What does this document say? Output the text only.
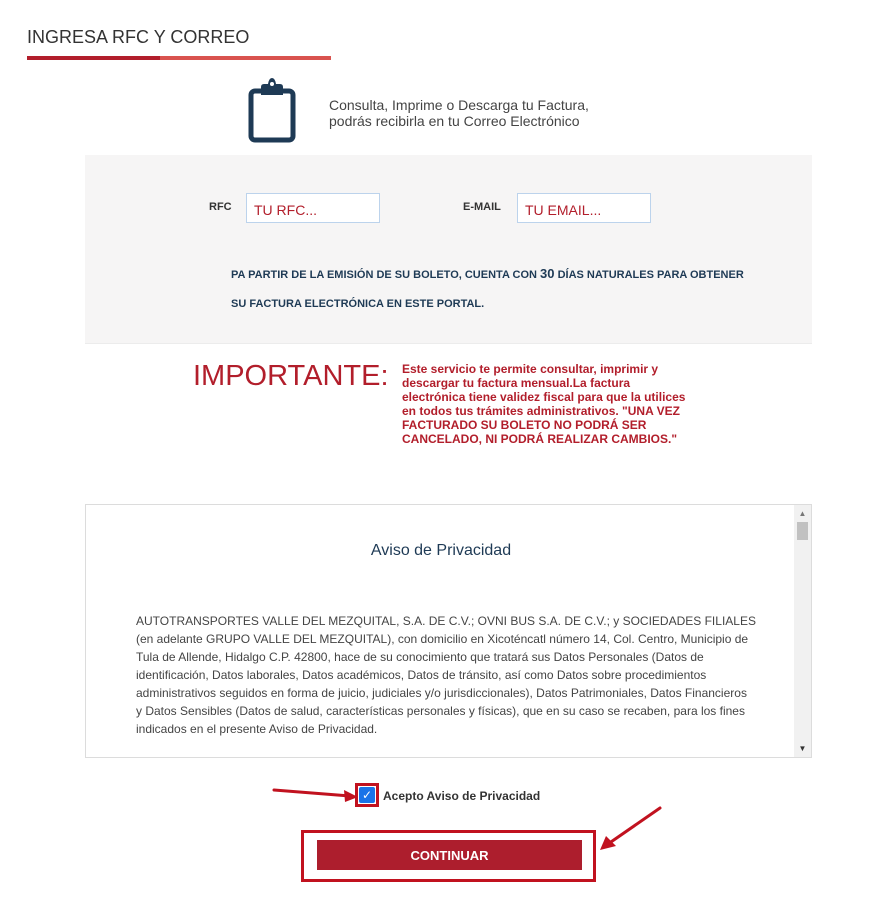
INGRESA RFC Y CORREO
Consulta, Imprime o Descarga tu Factura,
podrás recibirla en tu Correo Electrónico
RFC
TU RFC...	E-MAIL
TU EMAIL...
PA PARTIR DE LA EMISIÓN DE SU BOLETO, CUENTA CON 30 DÍAS NATURALES PARA OBTENER
SU FACTURA ELECTRÓNICA EN ESTE PORTAL.
IMPORTANTE: Este servicio te permite consultar, imprimir y descargar tu factura mensual.La factura electrónica tiene validez fiscal para que la utilices en todos tus trámites administrativos. "UNA VEZ FACTURADO SU BOLETO NO PODRÁ SER CANCELADO, NI PODRÁ REALIZAR CAMBIOS."
Aviso de Privacidad

AUTOTRANSPORTES VALLE DEL MEZQUITAL, S.A. DE C.V.; OVNI BUS S.A. DE C.V.; y SOCIEDADES FILIALES (en adelante GRUPO VALLE DEL MEZQUITAL), con domicilio en Xicoténcatl número 14, Col. Centro, Municipio de Tula de Allende, Hidalgo C.P. 42800, hace de su conocimiento que tratará sus Datos Personales (Datos de identificación, Datos laborales, Datos académicos, Datos de tránsito, así como Datos sobre procedimientos administrativos seguidos en forma de juicio, judiciales y/o jurisdiccionales), Datos Patrimoniales, Datos Financieros y Datos Sensibles (Datos de salud, características personales y físicas), que en su caso se recaben, para los fines indicados en el presente Aviso de Privacidad.

▲
▼
✓ Acepto Aviso de Privacidad
CONTINUAR
